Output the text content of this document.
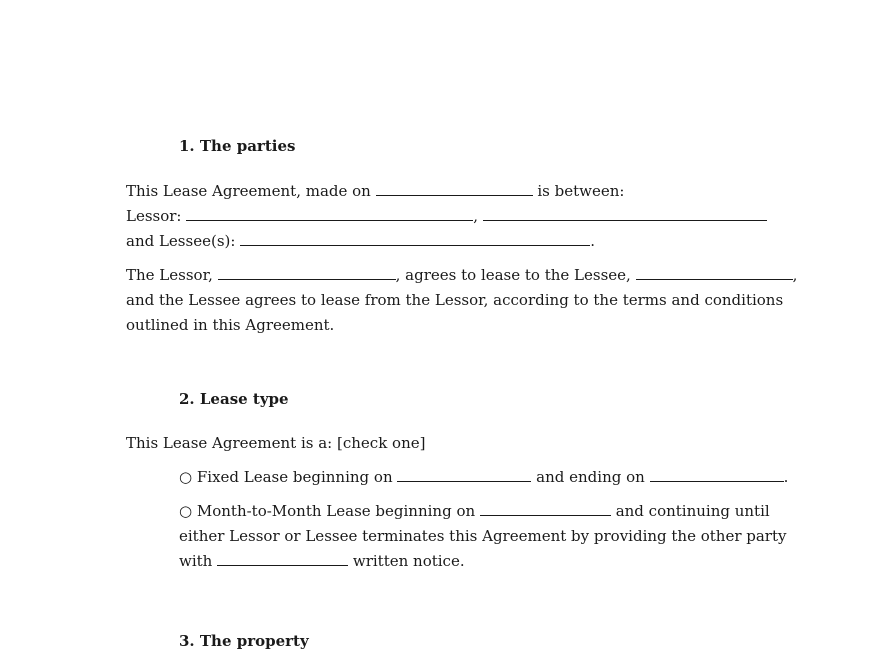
1. The parties
This Lease Agreement, made on	is between:
Lessor:	,
and Lessee(s):	.
The Lessor,	, agrees to lease to the Lessee,	,
and the Lessee agrees to lease from the Lessor, according to the terms and conditions
outlined in this Agreement.
2. Lease type
This Lease Agreement is a: [check one]
○ Fixed Lease beginning on	and ending on	.
○ Month-to-Month Lease beginning on	and continuing until
either Lessor or Lessee terminates this Agreement by providing the other party
with	written notice.
3. The property
